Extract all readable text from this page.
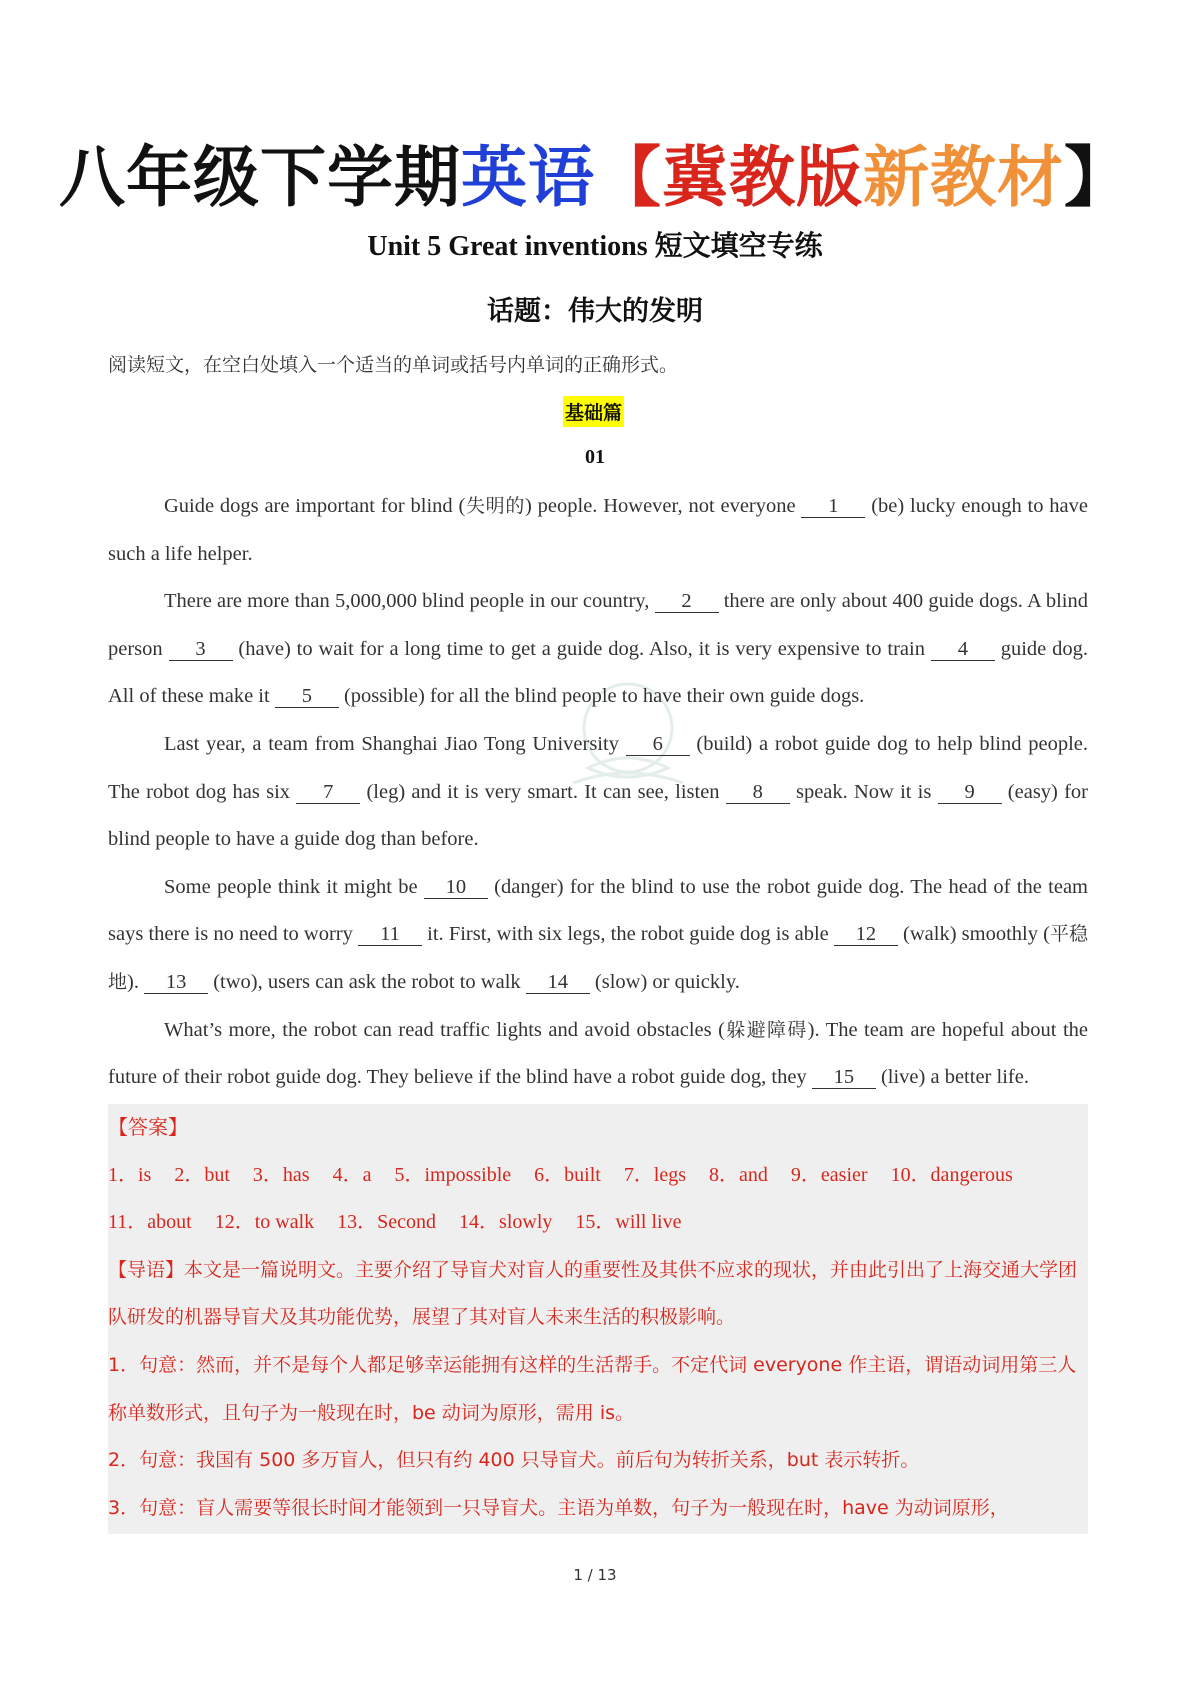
八年级下学期英语【冀教版新教材】
Unit 5 Great inventions 短文填空专练
话题：伟大的发明
阅读短文，在空白处填入一个适当的单词或括号内单词的正确形式。
基础篇
01

Guide dogs are important for blind (失明的) people. However, not everyone 1 (be) lucky enough to have such a life helper.

There are more than 5,000,000 blind people in our country, 2 there are only about 400 guide dogs. A blind person 3 (have) to wait for a long time to get a guide dog. Also, it is very expensive to train 4 guide dog. All of these make it 5 (possible) for all the blind people to have their own guide dogs.

Last year, a team from Shanghai Jiao Tong University 6 (build) a robot guide dog to help blind people. The robot dog has six 7 (leg) and it is very smart. It can see, listen 8 speak. Now it is 9 (easy) for blind people to have a guide dog than before.

Some people think it might be 10 (danger) for the blind to use the robot guide dog. The head of the team says there is no need to worry 11 it. First, with six legs, the robot guide dog is able 12 (walk) smoothly (平稳地). 13 (two), users can ask the robot to walk 14 (slow) or quickly.

What’s more, the robot can read traffic lights and avoid obstacles (躲避障碍). The team are hopeful about the future of their robot guide dog. They believe if the blind have a robot guide dog, they 15 (live) a better life.

【答案】
1．is 2．but 3．has 4．a 5．impossible 6．built 7．legs 8．and 9．easier 10．dangerous
11．about 12．to walk 13．Second 14．slowly 15．will live
【导语】本文是一篇说明文。主要介绍了导盲犬对盲人的重要性及其供不应求的现状，并由此引出了上海交通大学团队研发的机器导盲犬及其功能优势，展望了其对盲人未来生活的积极影响。
1．句意：然而，并不是每个人都足够幸运能拥有这样的生活帮手。不定代词 everyone 作主语，谓语动词用第三人称单数形式，且句子为一般现在时，be 动词为原形，需用 is。
2．句意：我国有 500 多万盲人，但只有约 400 只导盲犬。前后句为转折关系，but 表示转折。
3．句意：盲人需要等很长时间才能领到一只导盲犬。主语为单数，句子为一般现在时，have 为动词原形，
1 / 13
